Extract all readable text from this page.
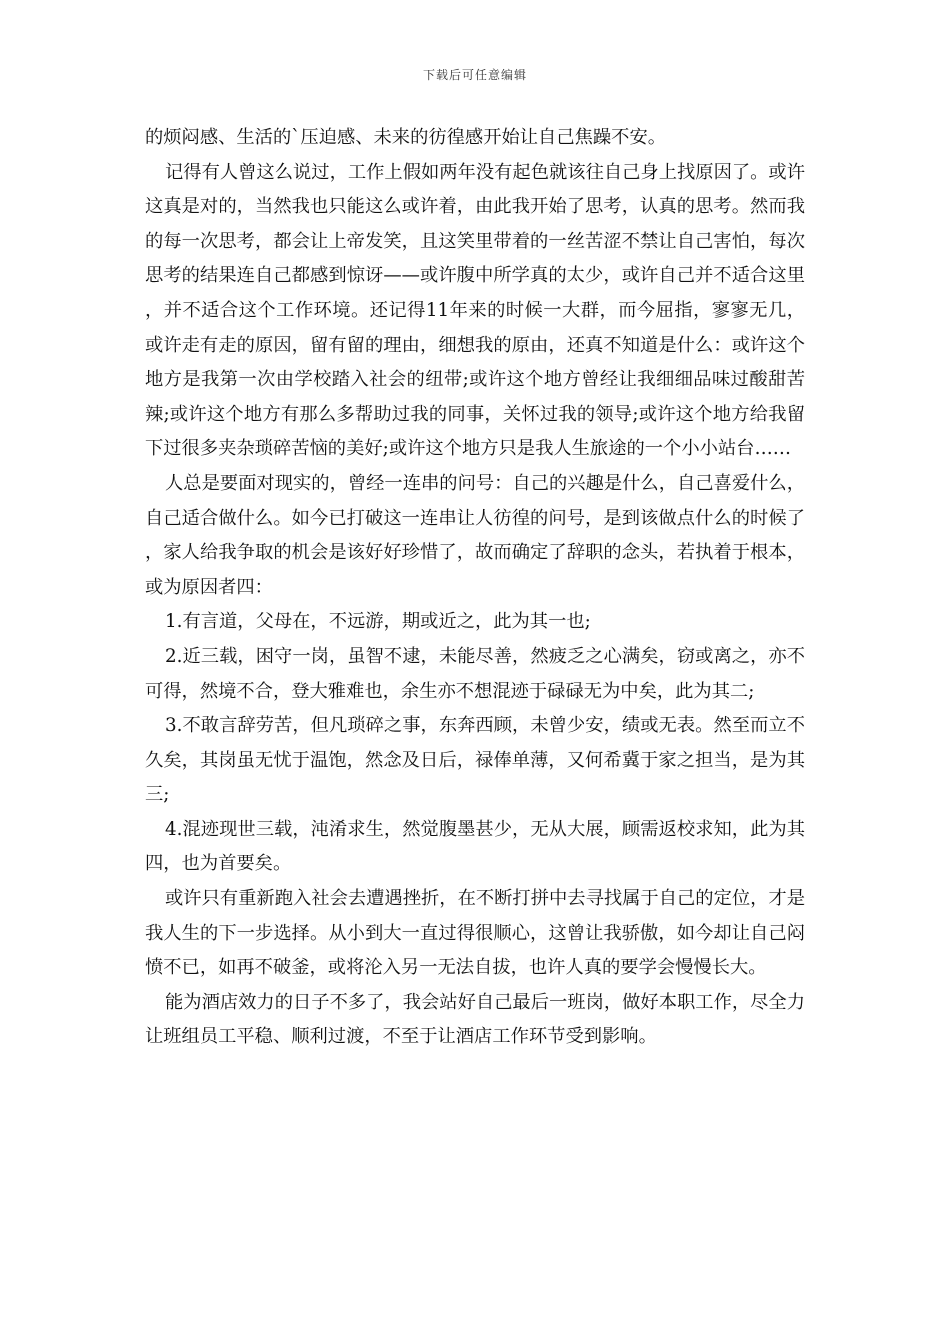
下载后可任意编辑

的烦闷感、生活的`压迫感、未来的彷徨感开始让自己焦躁不安。

记得有人曾这么说过，工作上假如两年没有起色就该往自己身上找原因了。或许这真是对的，当然我也只能这么或许着，由此我开始了思考，认真的思考。然而我的每一次思考，都会让上帝发笑，且这笑里带着的一丝苦涩不禁让自己害怕，每次思考的结果连自己都感到惊讶——或许腹中所学真的太少，或许自己并不适合这里，并不适合这个工作环境。还记得11年来的时候一大群，而今屈指，寥寥无几，或许走有走的原因，留有留的理由，细想我的原由，还真不知道是什么：或许这个地方是我第一次由学校踏入社会的纽带;或许这个地方曾经让我细细品味过酸甜苦辣;或许这个地方有那么多帮助过我的同事，关怀过我的领导;或许这个地方给我留下过很多夹杂琐碎苦恼的美好;或许这个地方只是我人生旅途的一个小小站台……

人总是要面对现实的，曾经一连串的问号：自己的兴趣是什么，自己喜爱什么，自己适合做什么。如今已打破这一连串让人彷徨的问号，是到该做点什么的时候了，家人给我争取的机会是该好好珍惜了，故而确定了辞职的念头，若执着于根本，或为原因者四：

1.有言道，父母在，不远游，期或近之，此为其一也;

2.近三载，困守一岗，虽智不逮，未能尽善，然疲乏之心满矣，窃或离之，亦不可得，然境不合，登大雅难也，余生亦不想混迹于碌碌无为中矣，此为其二;

3.不敢言辞劳苦，但凡琐碎之事，东奔西顾，未曾少安，绩或无表。然至而立不久矣，其岗虽无忧于温饱，然念及日后，禄俸单薄，又何希冀于家之担当，是为其三;

4.混迹现世三载，沌淆求生，然觉腹墨甚少，无从大展，顾需返校求知，此为其四，也为首要矣。

或许只有重新跑入社会去遭遇挫折，在不断打拼中去寻找属于自己的定位，才是我人生的下一步选择。从小到大一直过得很顺心，这曾让我骄傲，如今却让自己闷愤不已，如再不破釜，或将沦入另一无法自拔，也许人真的要学会慢慢长大。

能为酒店效力的日子不多了，我会站好自己最后一班岗，做好本职工作，尽全力让班组员工平稳、顺利过渡，不至于让酒店工作环节受到影响。
